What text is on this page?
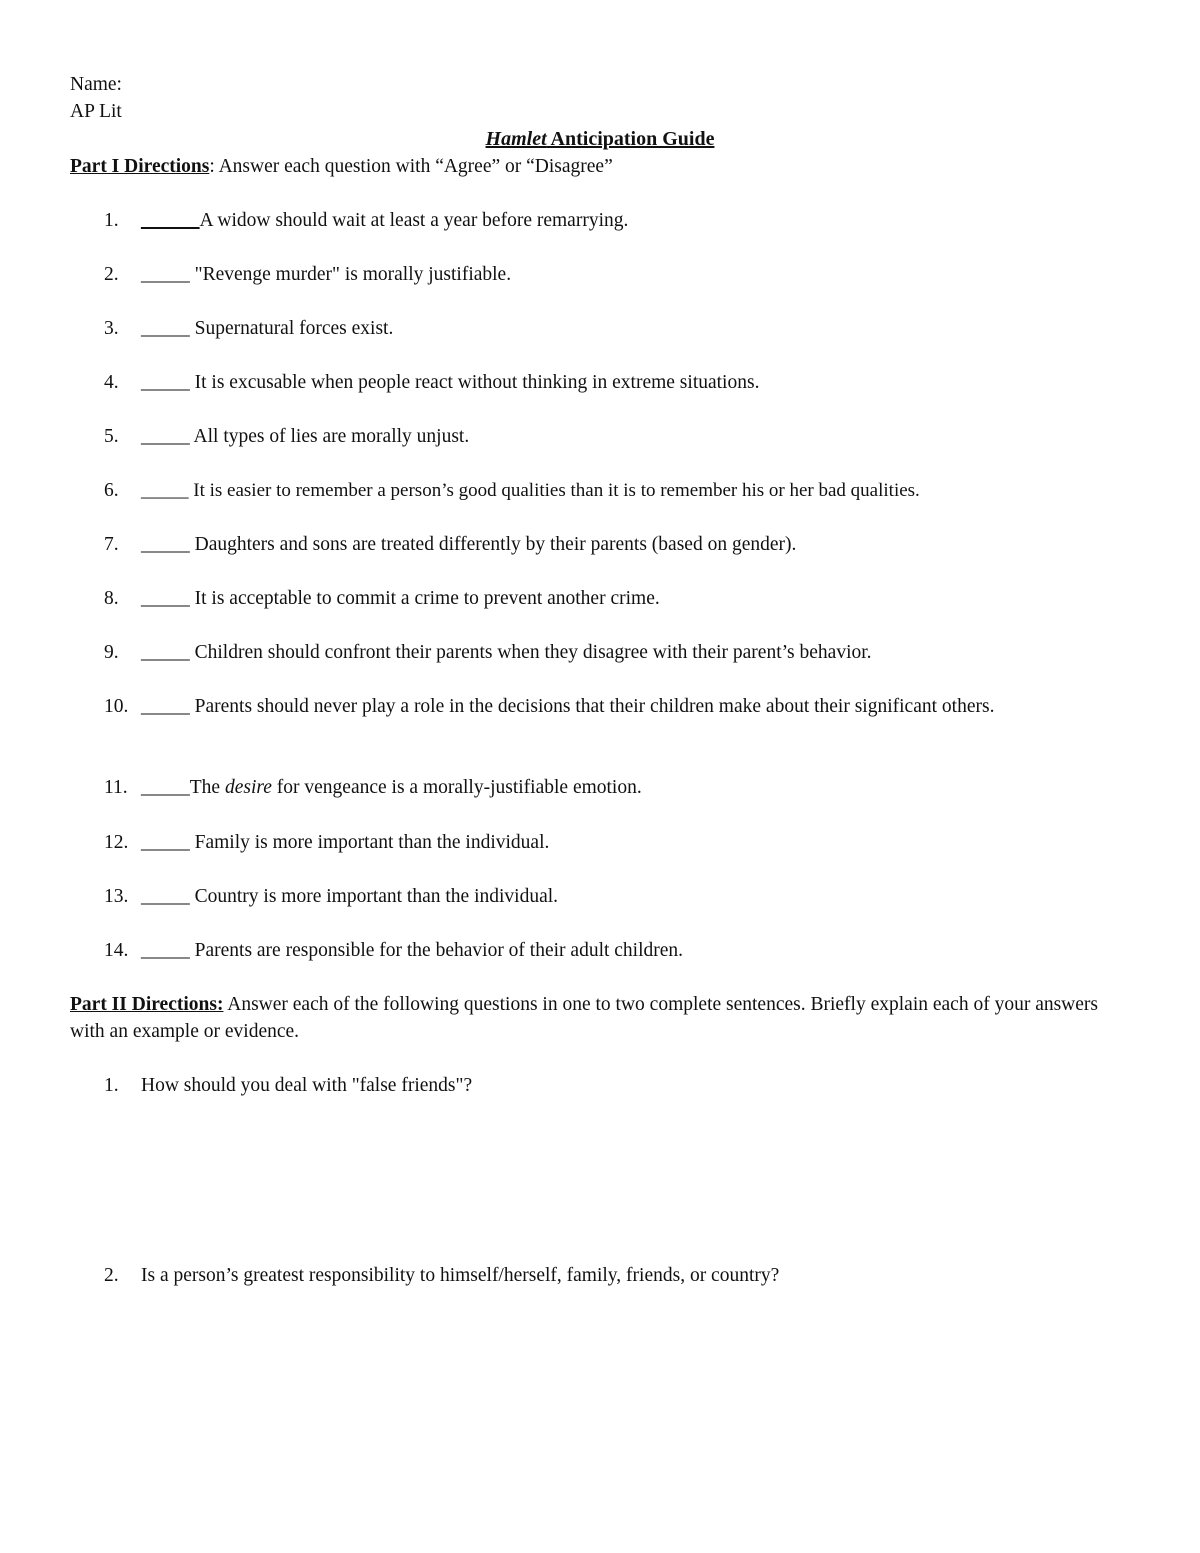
Name:
AP Lit
Hamlet Anticipation Guide
Part I Directions: Answer each question with “Agree” or “Disagree”
1.	______A widow should wait at least a year before remarrying.
2.	_____ "Revenge murder" is morally justifiable.
3.	_____ Supernatural forces exist.
4.	_____ It is excusable when people react without thinking in extreme situations.
5.	_____ All types of lies are morally unjust.
6.	_____ It is easier to remember a person’s good qualities than it is to remember his or her bad qualities.
7.	_____ Daughters and sons are treated differently by their parents (based on gender).
8.	_____ It is acceptable to commit a crime to prevent another crime.
9.	_____ Children should confront their parents when they disagree with their parent’s behavior.
10. _____ Parents should never play a role in the decisions that their children make about their significant others.
11. _____The desire for vengeance is a morally-justifiable emotion.
12. _____ Family is more important than the individual.
13. _____ Country is more important than the individual.
14. _____ Parents are responsible for the behavior of their adult children.
Part II Directions: Answer each of the following questions in one to two complete sentences. Briefly explain each of your answers with an example or evidence.
1.	How should you deal with "false friends"?
2.	Is a person’s greatest responsibility to himself/herself, family, friends, or country?
